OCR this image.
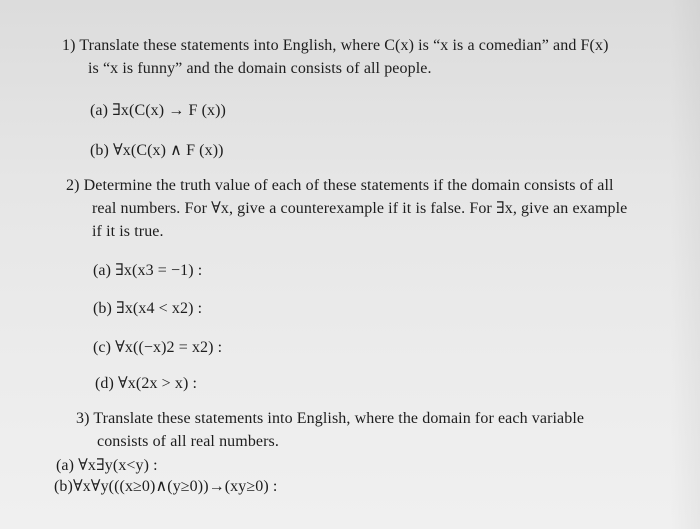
1) Translate these statements into English, where C(x) is “x is a comedian” and F(x)
is “x is funny” and the domain consists of all people.
(a) ∃x(C(x) → F (x))
(b) ∀x(C(x) ∧ F (x))
2) Determine the truth value of each of these statements if the domain consists of all
real numbers. For ∀x, give a counterexample if it is false. For ∃x, give an example
if it is true.
(a) ∃x(x3 = −1) :
(b) ∃x(x4 < x2) :
(c) ∀x((−x)2 = x2) :
(d) ∀x(2x > x) :
3) Translate these statements into English, where the domain for each variable
consists of all real numbers.
(a) ∀x∃y(x<y) :
(b)∀x∀y(((x≥0)∧(y≥0))→(xy≥0) :
